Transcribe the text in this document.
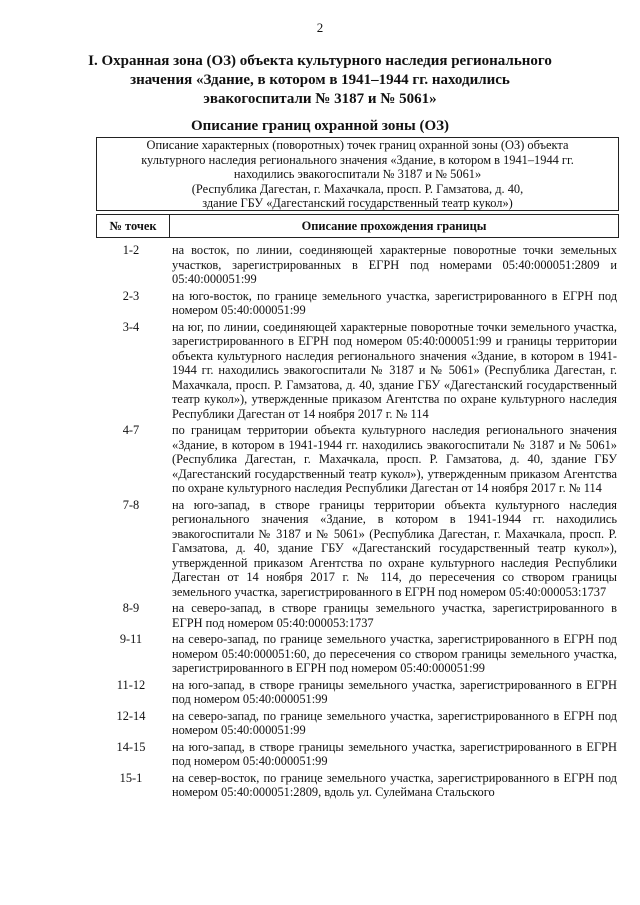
2
I. Охранная зона (ОЗ) объекта культурного наследия регионального значения «Здание, в котором в 1941–1944 гг. находились эвакогоспитали № 3187 и № 5061»
Описание границ охранной зоны (ОЗ)
Описание характерных (поворотных) точек границ охранной зоны (ОЗ) объекта
культурного наследия регионального значения «Здание, в котором в 1941–1944 гг.
находились эвакогоспитали № 3187 и № 5061»
(Республика Дагестан, г. Махачкала, просп. Р. Гамзатова, д. 40,
здание ГБУ «Дагестанский государственный театр кукол»)
№ точек	Описание прохождения границы
1-2	на восток, по линии, соединяющей характерные поворотные точки земельных участков, зарегистрированных в ЕГРН под номерами 05:40:000051:2809 и 05:40:000051:99
2-3	на юго-восток, по границе земельного участка, зарегистрированного в ЕГРН под номером 05:40:000051:99
3-4	на юг, по линии, соединяющей характерные поворотные точки земельного участка, зарегистрированного в ЕГРН под номером 05:40:000051:99 и границы территории объекта культурного наследия регионального значения «Здание, в котором в 1941-1944 гг. находились эвакогоспитали № 3187 и № 5061» (Республика Дагестан, г. Махачкала, просп. Р. Гамзатова, д. 40, здание ГБУ «Дагестанский государственный театр кукол»), утвержденные приказом Агентства по охране культурного наследия Республики Дагестан от 14 ноября 2017 г. № 114
4-7	по границам территории объекта культурного наследия регионального значения «Здание, в котором в 1941-1944 гг. находились эвакогоспитали № 3187 и № 5061» (Республика Дагестан, г. Махачкала, просп. Р. Гамзатова, д. 40, здание ГБУ «Дагестанский государственный театр кукол»), утвержденным приказом Агентства по охране культурного наследия Республики Дагестан от 14 ноября 2017 г. № 114
7-8	на юго-запад, в створе границы территории объекта культурного наследия регионального значения «Здание, в котором в 1941-1944 гг. находились эвакогоспитали № 3187 и № 5061» (Республика Дагестан, г. Махачкала, просп. Р. Гамзатова, д. 40, здание ГБУ «Дагестанский государственный театр кукол»), утвержденной приказом Агентства по охране культурного наследия Республики Дагестан от 14 ноября 2017 г. № 114, до пересечения со створом границы земельного участка, зарегистрированного в ЕГРН под номером 05:40:000053:1737
8-9	на северо-запад, в створе границы земельного участка, зарегистрированного в ЕГРН под номером 05:40:000053:1737
9-11	на северо-запад, по границе земельного участка, зарегистрированного в ЕГРН под номером 05:40:000051:60, до пересечения со створом границы земельного участка, зарегистрированного в ЕГРН под номером 05:40:000051:99
11-12	на юго-запад, в створе границы земельного участка, зарегистрированного в ЕГРН под номером 05:40:000051:99
12-14	на северо-запад, по границе земельного участка, зарегистрированного в ЕГРН под номером 05:40:000051:99
14-15	на юго-запад, в створе границы земельного участка, зарегистрированного в ЕГРН под номером 05:40:000051:99
15-1	на север-восток, по границе земельного участка, зарегистрированного в ЕГРН под номером 05:40:000051:2809, вдоль ул. Сулеймана Стальского
